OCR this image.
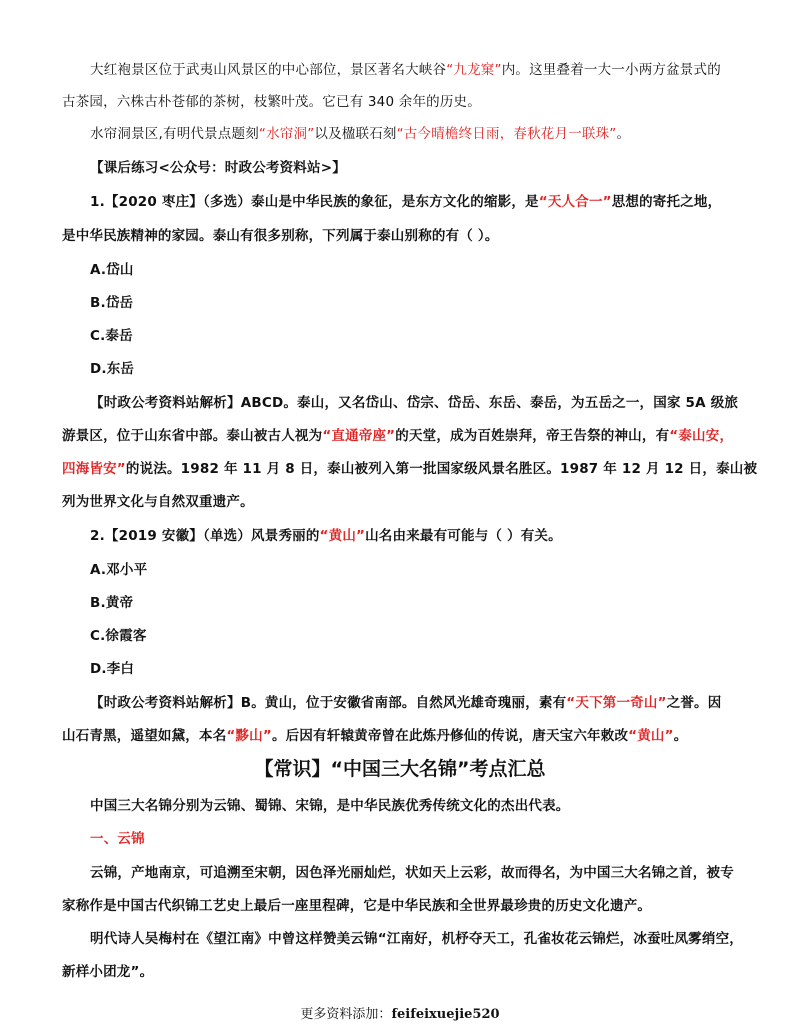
大红袍景区位于武夷山风景区的中心部位，景区著名大峡谷“九龙窠”内。这里叠着一大一小两方盆景式的
古茶园，六株古朴苍郁的茶树，枝繁叶茂。它已有 340 余年的历史。
水帘洞景区,有明代景点题刻“水帘洞”以及楹联石刻“古今晴檐终日雨，春秋花月一联珠”。
【课后练习<公众号：时政公考资料站>】
1.【2020 枣庄】（多选）泰山是中华民族的象征，是东方文化的缩影，是“天人合一”思想的寄托之地，
是中华民族精神的家园。泰山有很多别称，下列属于泰山别称的有（ ）。
A.岱山
B.岱岳
C.泰岳
D.东岳
【时政公考资料站解析】ABCD。泰山，又名岱山、岱宗、岱岳、东岳、泰岳，为五岳之一，国家 5A 级旅
游景区，位于山东省中部。泰山被古人视为“直通帝座”的天堂，成为百姓崇拜，帝王告祭的神山，有“泰山安，
四海皆安”的说法。1982 年 11 月 8 日，泰山被列入第一批国家级风景名胜区。1987 年 12 月 12 日，泰山被
列为世界文化与自然双重遗产。
2.【2019 安徽】（单选）风景秀丽的“黄山”山名由来最有可能与（ ）有关。
A.邓小平
B.黄帝
C.徐霞客
D.李白
【时政公考资料站解析】B。黄山，位于安徽省南部。自然风光雄奇瑰丽，素有“天下第一奇山”之誉。因
山石青黑，遥望如黛，本名“黟山”。后因有轩辕黄帝曾在此炼丹修仙的传说，唐天宝六年敕改“黄山”。
【常识】“中国三大名锦”考点汇总
中国三大名锦分别为云锦、蜀锦、宋锦，是中华民族优秀传统文化的杰出代表。
一、云锦
云锦，产地南京，可追溯至宋朝，因色泽光丽灿烂，状如天上云彩，故而得名，为中国三大名锦之首，被专
家称作是中国古代织锦工艺史上最后一座里程碑，它是中华民族和全世界最珍贵的历史文化遗产。
明代诗人吴梅村在《望江南》中曾这样赞美云锦“江南好，机杼夺天工，孔雀妆花云锦烂，冰蚕吐凤雾绡空，
新样小团龙”。
更多资料添加：feifeixuejie520
